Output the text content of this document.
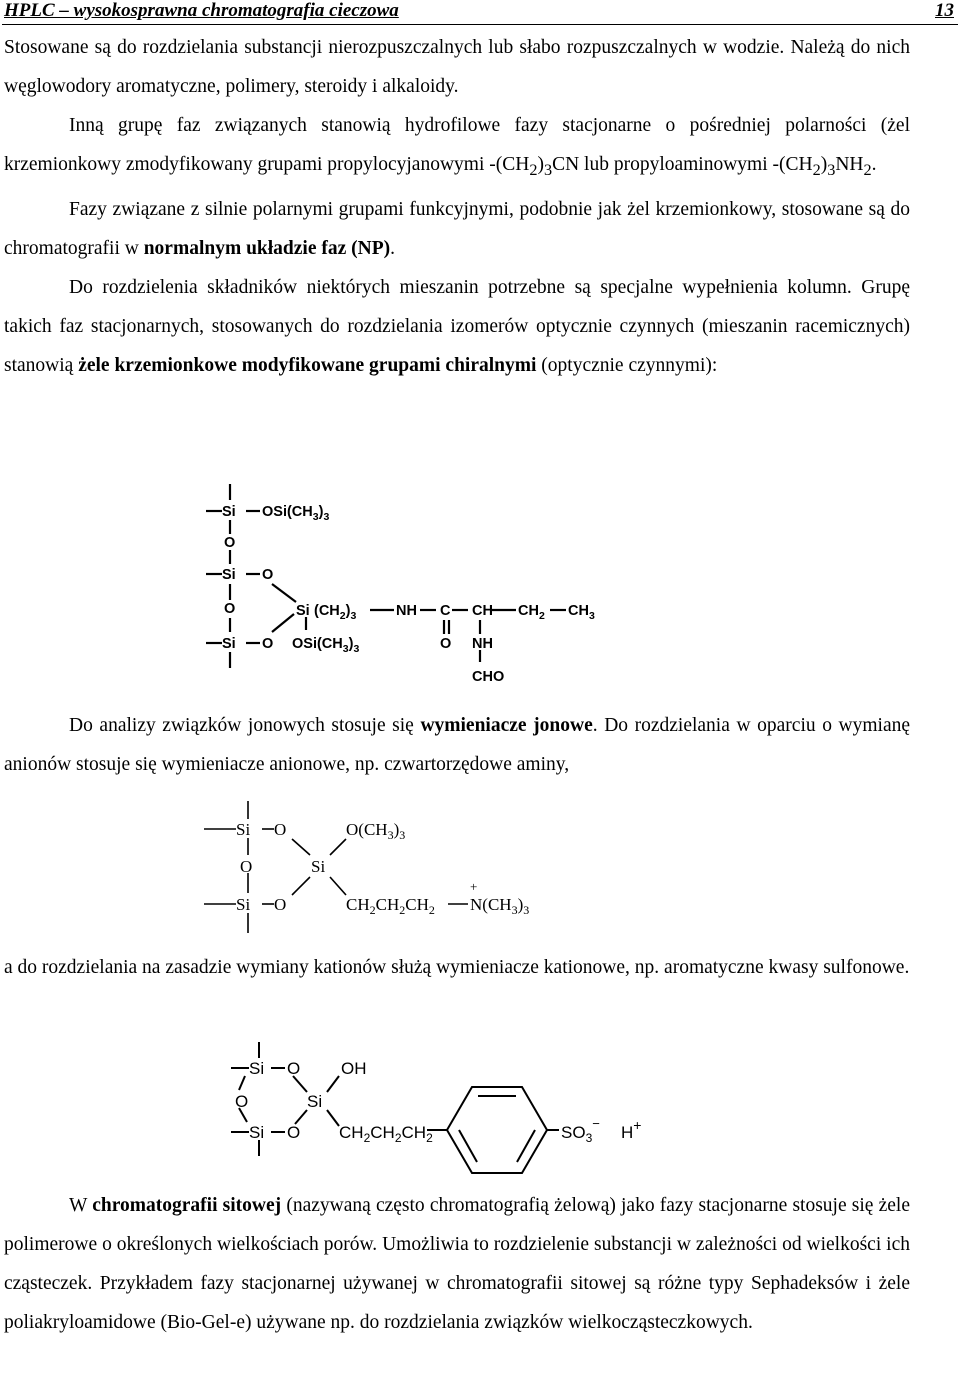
HPLC – wysokosprawna chromatografia cieczowa	13

Stosowane są do rozdzielania substancji nierozpuszczalnych lub słabo rozpuszczalnych w wodzie. Należą do nich węglowodory aromatyczne, polimery, steroidy i alkaloidy.

Inną grupę faz związanych stanowią hydrofilowe fazy stacjonarne o pośredniej polarności (żel krzemionkowy zmodyfikowany grupami propylocyjanowymi $-(CH_2)_3CN$ lub propyloaminowymi $-(CH_2)_3NH_2$.

Fazy związane z silnie polarnymi grupami funkcyjnymi, podobnie jak żel krzemionkowy, stosowane są do chromatografii w normalnym układzie faz (NP).

Do rozdzielenia składników niektórych mieszanin potrzebne są specjalne wypełnienia kolumn. Grupę takich faz stacjonarnych, stosowanych do rozdzielania izomerów optycznie czynnych (mieszanin racemicznych) stanowią żele krzemionkowe modyfikowane grupami chiralnymi (optycznie czynnymi):

Si $OSi(CH_3)_3$
O
Si O
O	Si $(CH_2)_3$	NH C CH $CH_2$ $CH_3$
Si O $OSi(CH_3)_3$	O NH
CHO

Do analizy związków jonowych stosuje się wymieniacze jonowe. Do rozdzielania w oparciu o wymianę anionów stosuje się wymieniacze anionowe, np. czwartorzędowe aminy,

Si O	$O(CH_3)_3$
O	Si
Si O	$CH_2CH_2CH_2$
+
$N(CH_3)_3$

a do rozdzielania na zasadzie wymiany kationów służą wymieniacze kationowe, np. aromatyczne kwasy sulfonowe.

Si O OH
O	Si
Si O $CH_2CH_2CH_2$	$SO_3^-$ H+

W chromatografii sitowej (nazywaną często chromatografią żelową) jako fazy stacjonarne stosuje się żele polimerowe o określonych wielkościach porów. Umożliwia to rozdzielenie substancji w zależności od wielkości ich cząsteczek. Przykładem fazy stacjonarnej używanej w chromatografii sitowej są różne typy Sephadeksów i żele poliakryloamidowe (Bio-Gel-e) używane np. do rozdzielania związków wielkocząsteczkowych.
